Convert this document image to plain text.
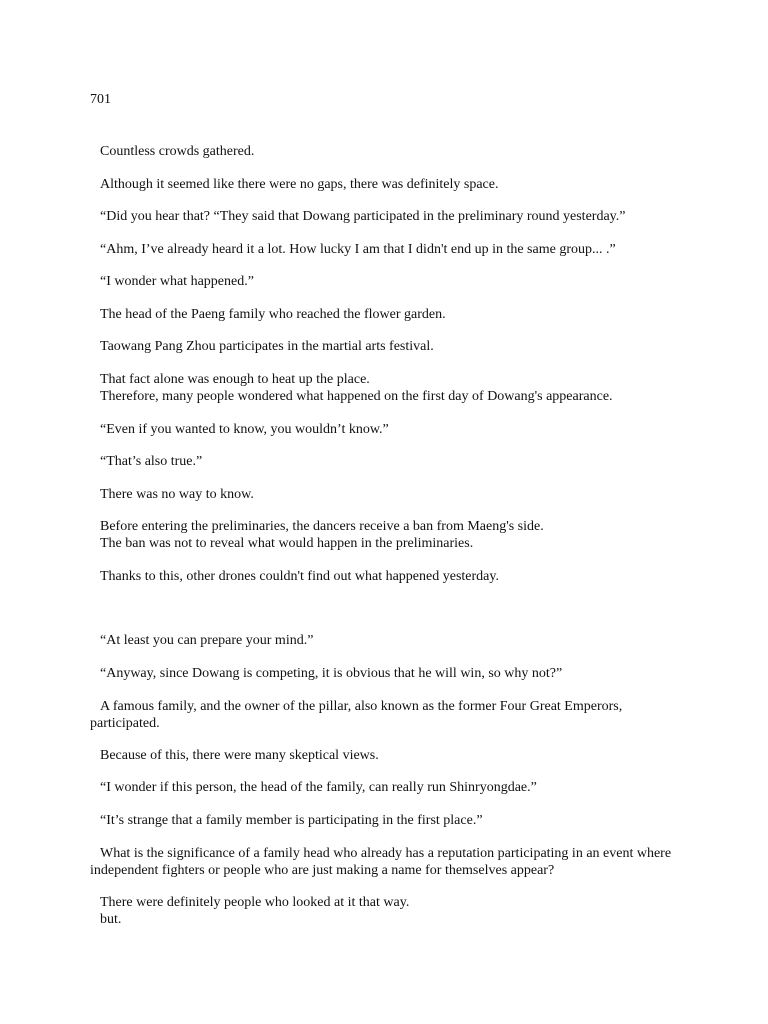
701
Countless crowds gathered.
Although it seemed like there were no gaps, there was definitely space.
“Did you hear that? “They said that Dowang participated in the preliminary round yesterday.”
“Ahm, I’ve already heard it a lot. How lucky I am that I didn't end up in the same group... .”
“I wonder what happened.”
The head of the Paeng family who reached the flower garden.
Taowang Pang Zhou participates in the martial arts festival.
That fact alone was enough to heat up the place.
Therefore, many people wondered what happened on the first day of Dowang's appearance.
“Even if you wanted to know, you wouldn’t know.”
“That’s also true.”
There was no way to know.
Before entering the preliminaries, the dancers receive a ban from Maeng's side.
The ban was not to reveal what would happen in the preliminaries.
Thanks to this, other drones couldn't find out what happened yesterday.
“At least you can prepare your mind.”
“Anyway, since Dowang is competing, it is obvious that he will win, so why not?”
A famous family, and the owner of the pillar, also known as the former Four Great Emperors, participated.
Because of this, there were many skeptical views.
“I wonder if this person, the head of the family, can really run Shinryongdae.”
“It’s strange that a family member is participating in the first place.”
What is the significance of a family head who already has a reputation participating in an event where independent fighters or people who are just making a name for themselves appear?
There were definitely people who looked at it that way.
but.
